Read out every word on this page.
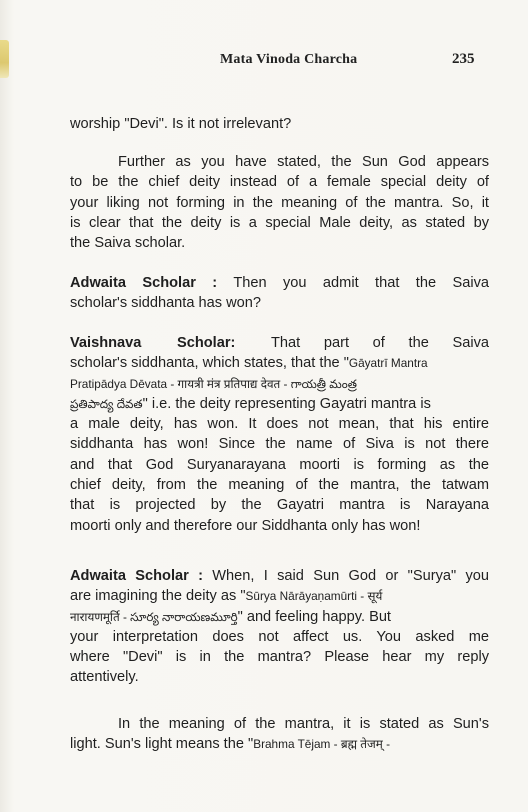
Mata Vinoda Charcha	235
worship "Devi". Is it not irrelevant?
Further as you have stated, the Sun God appears
to be the chief deity instead of a female special deity of
your liking not forming in the meaning of the mantra. So, it
is clear that the deity is a special Male deity, as stated by
the Saiva scholar.
Adwaita Scholar : Then you admit that the Saiva
scholar's siddhanta has won?
Vaishnava Scholar: That part of the Saiva
scholar's siddhanta, which states, that the "Gāyatrī Mantra
Pratipādya Dēvata - गायत्री मंत्र प्रतिपाद्य देवत - గాయత్రీ మంత్ర
ప్రతిపాద్య దేవత" i.e. the deity representing Gayatri mantra is
a male deity, has won. It does not mean, that his entire
siddhanta has won! Since the name of Siva is not there
and that God Suryanarayana moorti is forming as the
chief deity, from the meaning of the mantra, the tatwam
that is projected by the Gayatri mantra is Narayana
moorti only and therefore our Siddhanta only has won!
Adwaita Scholar : When, I said Sun God or "Surya" you
are imagining the deity as "Sūrya Nārāyaṇamūrti - सूर्य
नारायणमूर्ति - సూర్య నారాయణమూర్తి" and feeling happy. But
your interpretation does not affect us. You asked me
where "Devi" is in the mantra? Please hear my reply
attentively.
In the meaning of the mantra, it is stated as Sun's
light. Sun's light means the "Brahma Tējam - ब्रह्म तेजम् -
